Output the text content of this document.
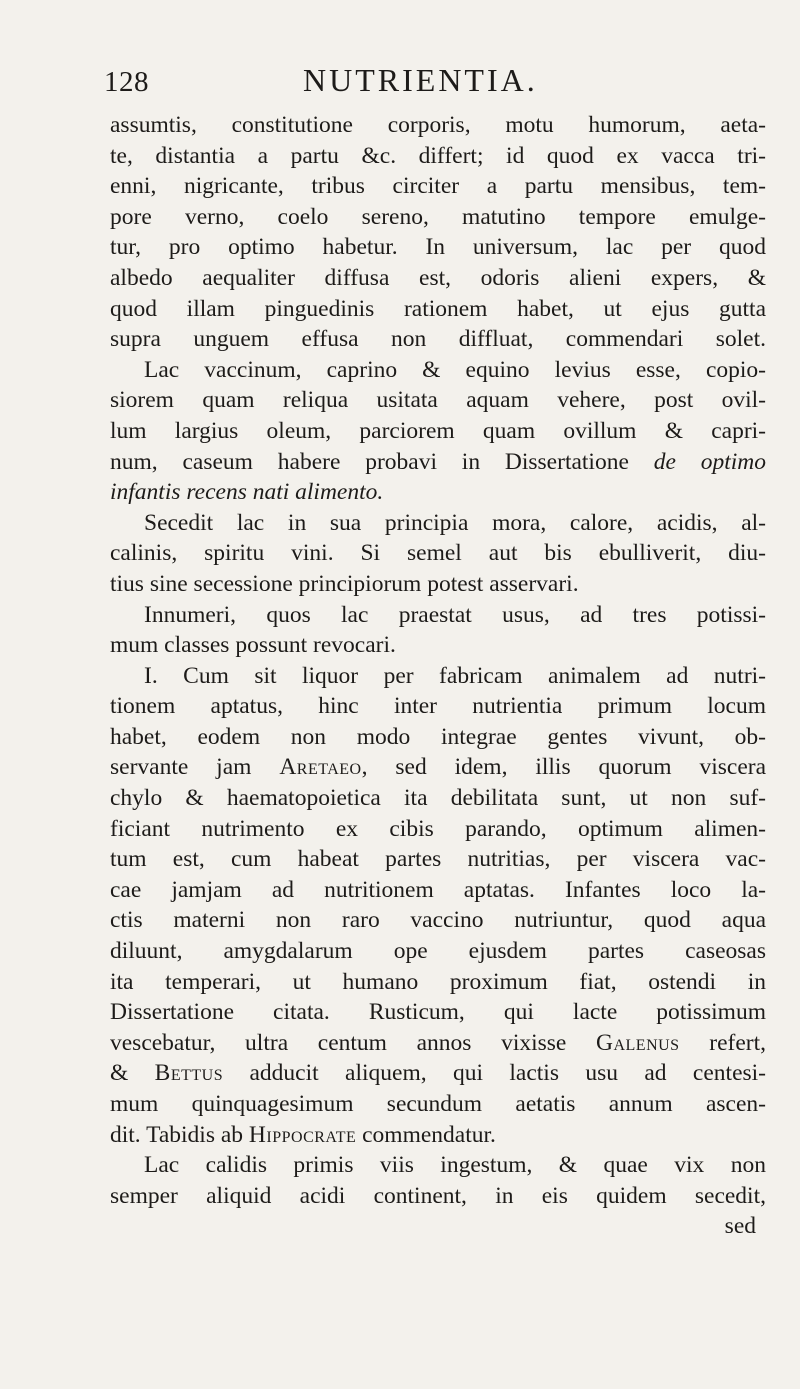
128	NUTRIENTIA.
assumtis, constitutione corporis, motu humorum, aeta-
te, distantia a partu &c. differt; id quod ex vacca tri-
enni, nigricante, tribus circiter a partu mensibus, tem-
pore verno, coelo sereno, matutino tempore emulge-
tur, pro optimo habetur. In universum, lac per quod
albedo aequaliter diffusa est, odoris alieni expers, &
quod illam pinguedinis rationem habet, ut ejus gutta
supra unguem effusa non diffluat, commendari solet.
Lac vaccinum, caprino & equino levius esse, copio-
siorem quam reliqua usitata aquam vehere, post ovil-
lum largius oleum, parciorem quam ovillum & capri-
num, caseum habere probavi in Dissertatione de optimo
infantis recens nati alimento.
Secedit lac in sua principia mora, calore, acidis, al-
calinis, spiritu vini. Si semel aut bis ebulliverit, diu-
tius sine secessione principiorum potest asservari.
Innumeri, quos lac praestat usus, ad tres potissi-
mum classes possunt revocari.
I. Cum sit liquor per fabricam animalem ad nutri-
tionem aptatus, hinc inter nutrientia primum locum
habet, eodem non modo integrae gentes vivunt, ob-
servante jam Aretaeo, sed idem, illis quorum viscera
chylo & haematopoietica ita debilitata sunt, ut non suf-
ficiant nutrimento ex cibis parando, optimum alimen-
tum est, cum habeat partes nutritias, per viscera vac-
cae jamjam ad nutritionem aptatas. Infantes loco la-
ctis materni non raro vaccino nutriuntur, quod aqua
diluunt, amygdalarum ope ejusdem partes caseosas
ita temperari, ut humano proximum fiat, ostendi in
Dissertatione citata. Rusticum, qui lacte potissimum
vescebatur, ultra centum annos vixisse Galenus refert,
& Bettus adducit aliquem, qui lactis usu ad centesi-
mum quinquagesimum secundum aetatis annum ascen-
dit. Tabidis ab Hippocrate commendatur.
Lac calidis primis viis ingestum, & quae vix non
semper aliquid acidi continent, in eis quidem secedit,
sed
